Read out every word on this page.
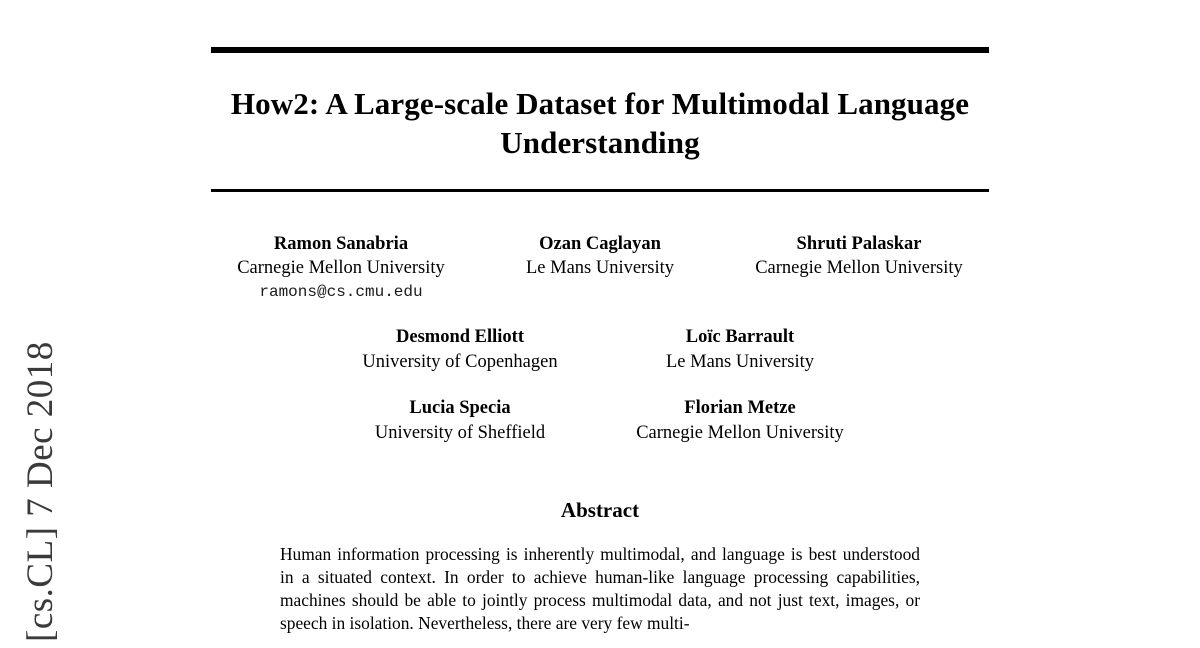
[cs.CL] 7 Dec 2018
How2: A Large-scale Dataset for Multimodal Language Understanding
Ramon Sanabria
Carnegie Mellon University
ramons@cs.cmu.edu
Ozan Caglayan
Le Mans University
Shruti Palaskar
Carnegie Mellon University
Desmond Elliott
University of Copenhagen
Loïc Barrault
Le Mans University
Lucia Specia
University of Sheffield
Florian Metze
Carnegie Mellon University
Abstract
Human information processing is inherently multimodal, and language is best understood in a situated context. In order to achieve human-like language processing capabilities, machines should be able to jointly process multimodal data, and not just text, images, or speech in isolation. Nevertheless, there are very few multi-
